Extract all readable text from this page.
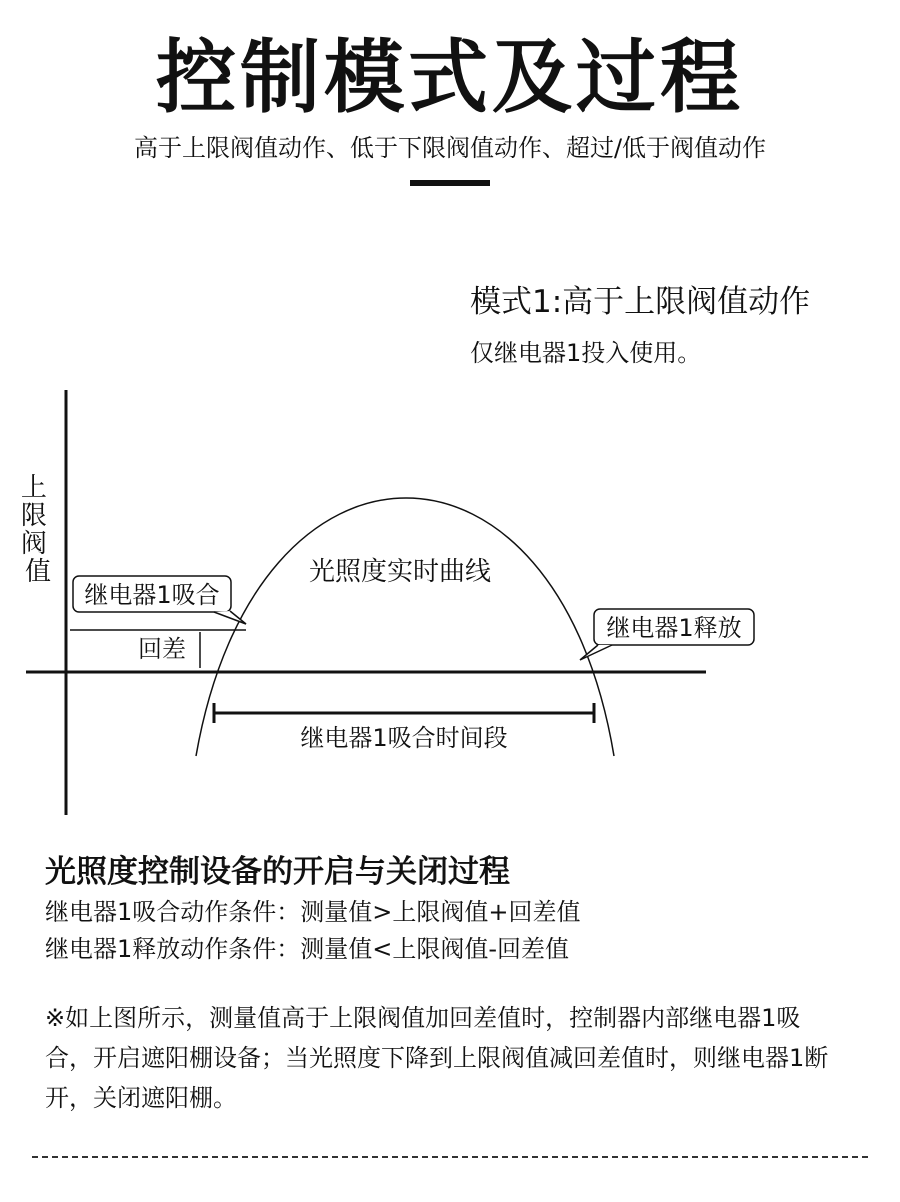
控制模式及过程
高于上限阀值动作、低于下限阀值动作、超过/低于阀值动作
模式1:高于上限阀值动作
仅继电器1投入使用。
上 限 阀 值
回差
光照度实时曲线
继电器1吸合
继电器1释放
继电器1吸合时间段
光照度控制设备的开启与关闭过程
继电器1吸合动作条件：测量值>上限阀值+回差值
继电器1释放动作条件：测量值<上限阀值-回差值
※如上图所示，测量值高于上限阀值加回差值时，控制器内部继电器1吸合，开启遮阳棚设备；当光照度下降到上限阀值减回差值时，则继电器1断开，关闭遮阳棚。
